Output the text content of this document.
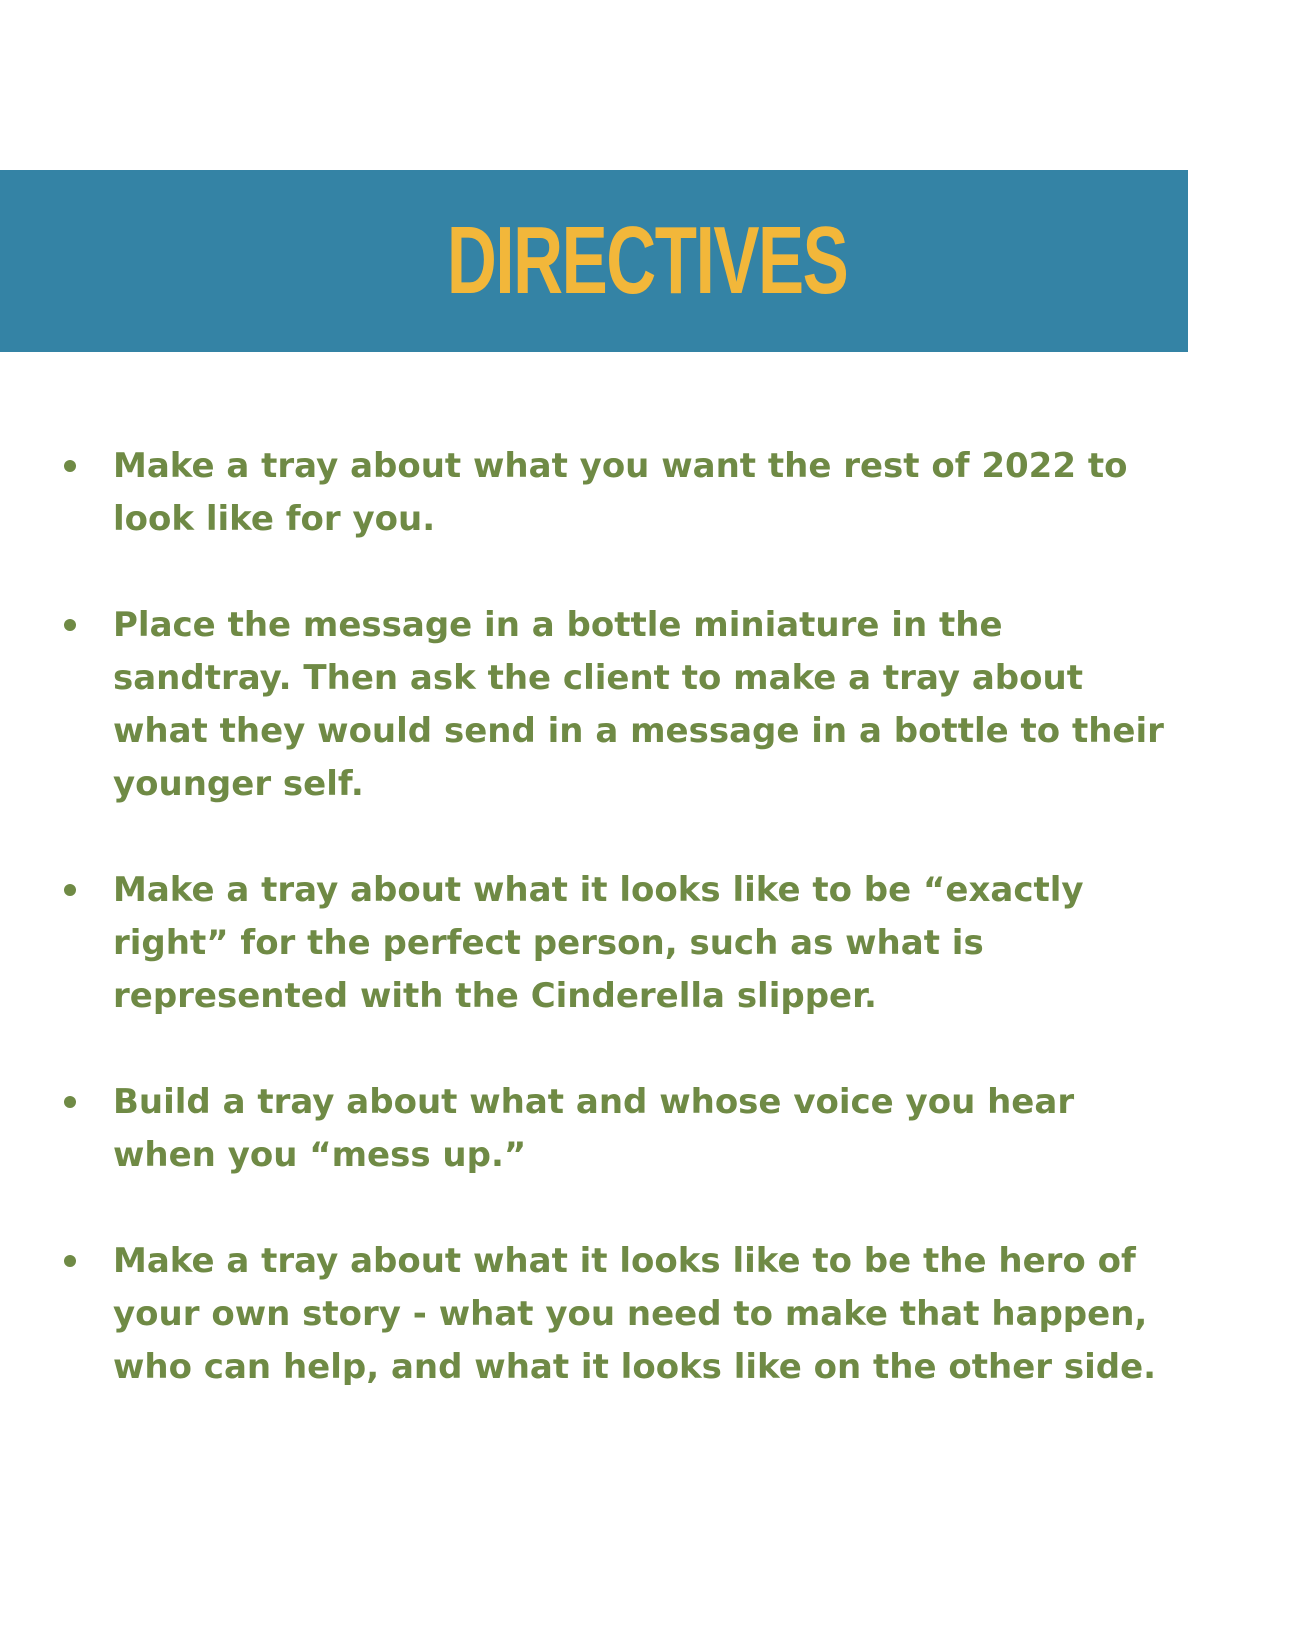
DIRECTIVES
Make a tray about what you want the rest of 2022 to look like for you.
Place the message in a bottle miniature in the sandtray. Then ask the client to make a tray about what they would send in a message in a bottle to their younger self.
Make a tray about what it looks like to be “exactly right” for the perfect person, such as what is represented with the Cinderella slipper.
Build a tray about what and whose voice you hear when you “mess up.”
Make a tray about what it looks like to be the hero of your own story - what you need to make that happen, who can help, and what it looks like on the other side.
